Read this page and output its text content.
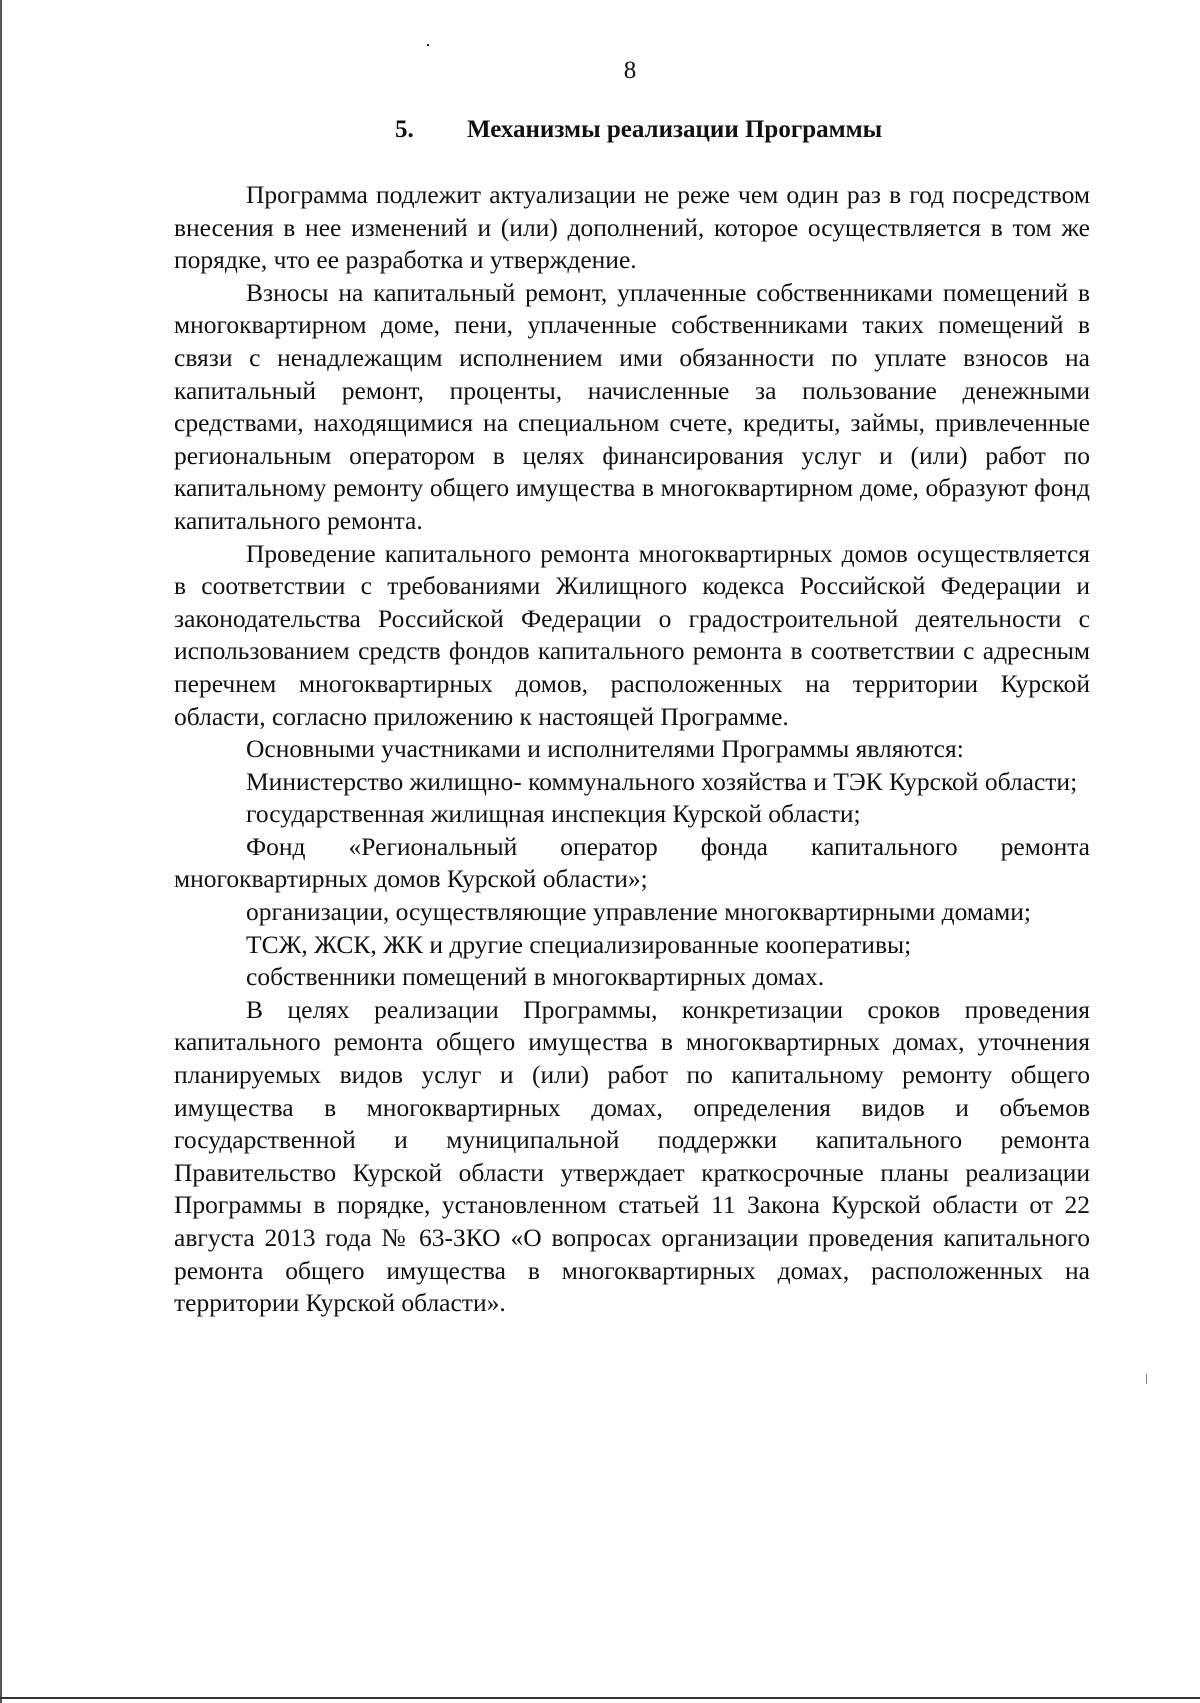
8
5. Механизмы реализации Программы

Программа подлежит актуализации не реже чем один раз в год посредством внесения в нее изменений и (или) дополнений, которое осуществляется в том же порядке, что ее разработка и утверждение.

Взносы на капитальный ремонт, уплаченные собственниками помещений в многоквартирном доме, пени, уплаченные собственниками таких помещений в связи с ненадлежащим исполнением ими обязанности по уплате взносов на капитальный ремонт, проценты, начисленные за пользование денежными средствами, находящимися на специальном счете, кредиты, займы, привлеченные региональным оператором в целях финансирования услуг и (или) работ по капитальному ремонту общего имущества в многоквартирном доме, образуют фонд капитального ремонта.

Проведение капитального ремонта многоквартирных домов осуществляется в соответствии с требованиями Жилищного кодекса Российской Федерации и законодательства Российской Федерации о градостроительной деятельности с использованием средств фондов капитального ремонта в соответствии с адресным перечнем многоквартирных домов, расположенных на территории Курской области, согласно приложению к настоящей Программе.

Основными участниками и исполнителями Программы являются:

Министерство жилищно- коммунального хозяйства и ТЭК Курской области;

государственная жилищная инспекция Курской области;

Фонд «Региональный оператор фонда капитального ремонта многоквартирных домов Курской области»;

организации, осуществляющие управление многоквартирными домами;

ТСЖ, ЖСК, ЖК и другие специализированные кооперативы;

собственники помещений в многоквартирных домах.

В целях реализации Программы, конкретизации сроков проведения капитального ремонта общего имущества в многоквартирных домах, уточнения планируемых видов услуг и (или) работ по капитальному ремонту общего имущества в многоквартирных домах, определения видов и объемов государственной и муниципальной поддержки капитального ремонта Правительство Курской области утверждает краткосрочные планы реализации Программы в порядке, установленном статьей 11 Закона Курской области от 22 августа 2013 года № 63-ЗКО «О вопросах организации проведения капитального ремонта общего имущества в многоквартирных домах, расположенных на территории Курской области».
